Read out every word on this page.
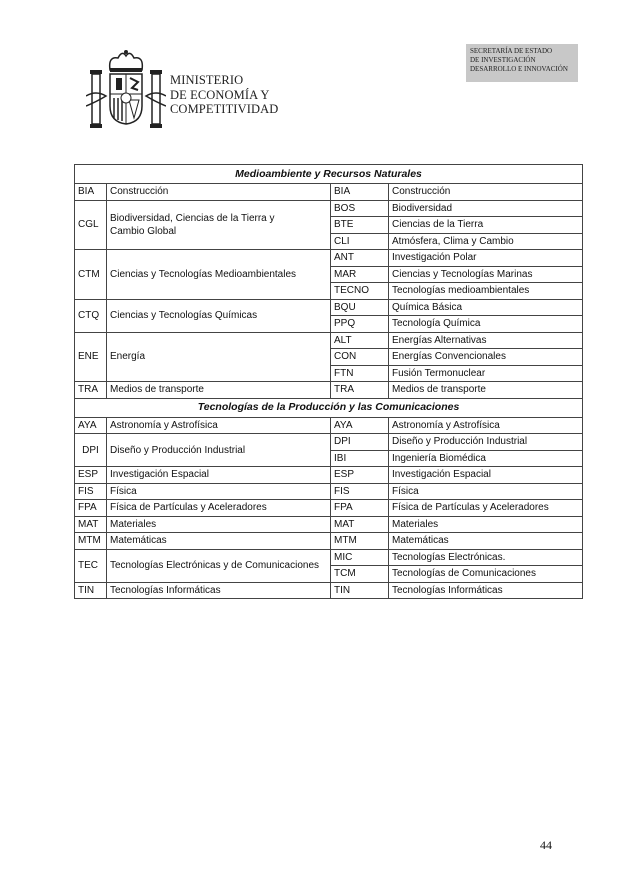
MINISTERIO
DE ECONOMÍA Y
COMPETITIVIDAD
SECRETARÍA DE ESTADO
DE INVESTIGACIÓN
DESARROLLO E INNOVACIÓN
Medioambiente y Recursos Naturales			
BIA	Construcción	BIA	Construcción
CGL	Biodiversidad, Ciencias de la Tierra y Cambio Global	BOS	Biodiversidad
		BTE	Ciencias de la Tierra
		CLI	Atmósfera, Clima y Cambio
CTM	Ciencias y Tecnologías Medioambientales	ANT	Investigación Polar
		MAR	Ciencias y Tecnologías Marinas
		TECNO	Tecnologías medioambientales
CTQ	Ciencias y Tecnologías Químicas	BQU	Química Básica
		PPQ	Tecnología Química
ENE	Energía	ALT	Energías Alternativas
		CON	Energías Convencionales
		FTN	Fusión Termonuclear
TRA	Medios de transporte	TRA	Medios de transporte
Tecnologías de la Producción y las Comunicaciones			
AYA	Astronomía y Astrofísica	AYA	Astronomía y Astrofísica
DPI	Diseño y Producción Industrial	DPI	Diseño y Producción Industrial
		IBI	Ingeniería Biomédica
ESP	Investigación Espacial	ESP	Investigación Espacial
FIS	Física	FIS	Física
FPA	Física de Partículas y Aceleradores	FPA	Física de Partículas y Aceleradores
MAT	Materiales	MAT	Materiales
MTM	Matemáticas	MTM	Matemáticas
TEC	Tecnologías Electrónicas y de Comunicaciones	MIC	Tecnologías Electrónicas.
		TCM	Tecnologías de Comunicaciones
TIN	Tecnologías Informáticas	TIN	Tecnologías Informáticas
44
